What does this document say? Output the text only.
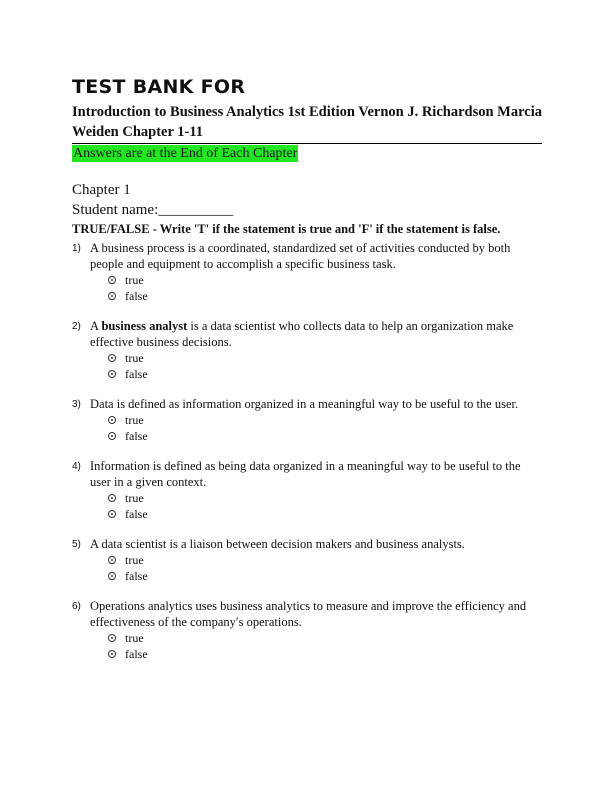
TEST BANK FOR
Introduction to Business Analytics 1st Edition Vernon J. Richardson Marcia Weiden Chapter 1-11
Answers are at the End of Each Chapter
Chapter 1
Student name:__________
TRUE/FALSE - Write 'T' if the statement is true and 'F' if the statement is false.
1) A business process is a coordinated, standardized set of activities conducted by both people and equipment to accomplish a specific business task.
true
false
2) A business analyst is a data scientist who collects data to help an organization make effective business decisions.
true
false
3) Data is defined as information organized in a meaningful way to be useful to the user.
true
false
4) Information is defined as being data organized in a meaningful way to be useful to the user in a given context.
true
false
5) A data scientist is a liaison between decision makers and business analysts.
true
false
6) Operations analytics uses business analytics to measure and improve the efficiency and effectiveness of the company′s operations.
true
false
